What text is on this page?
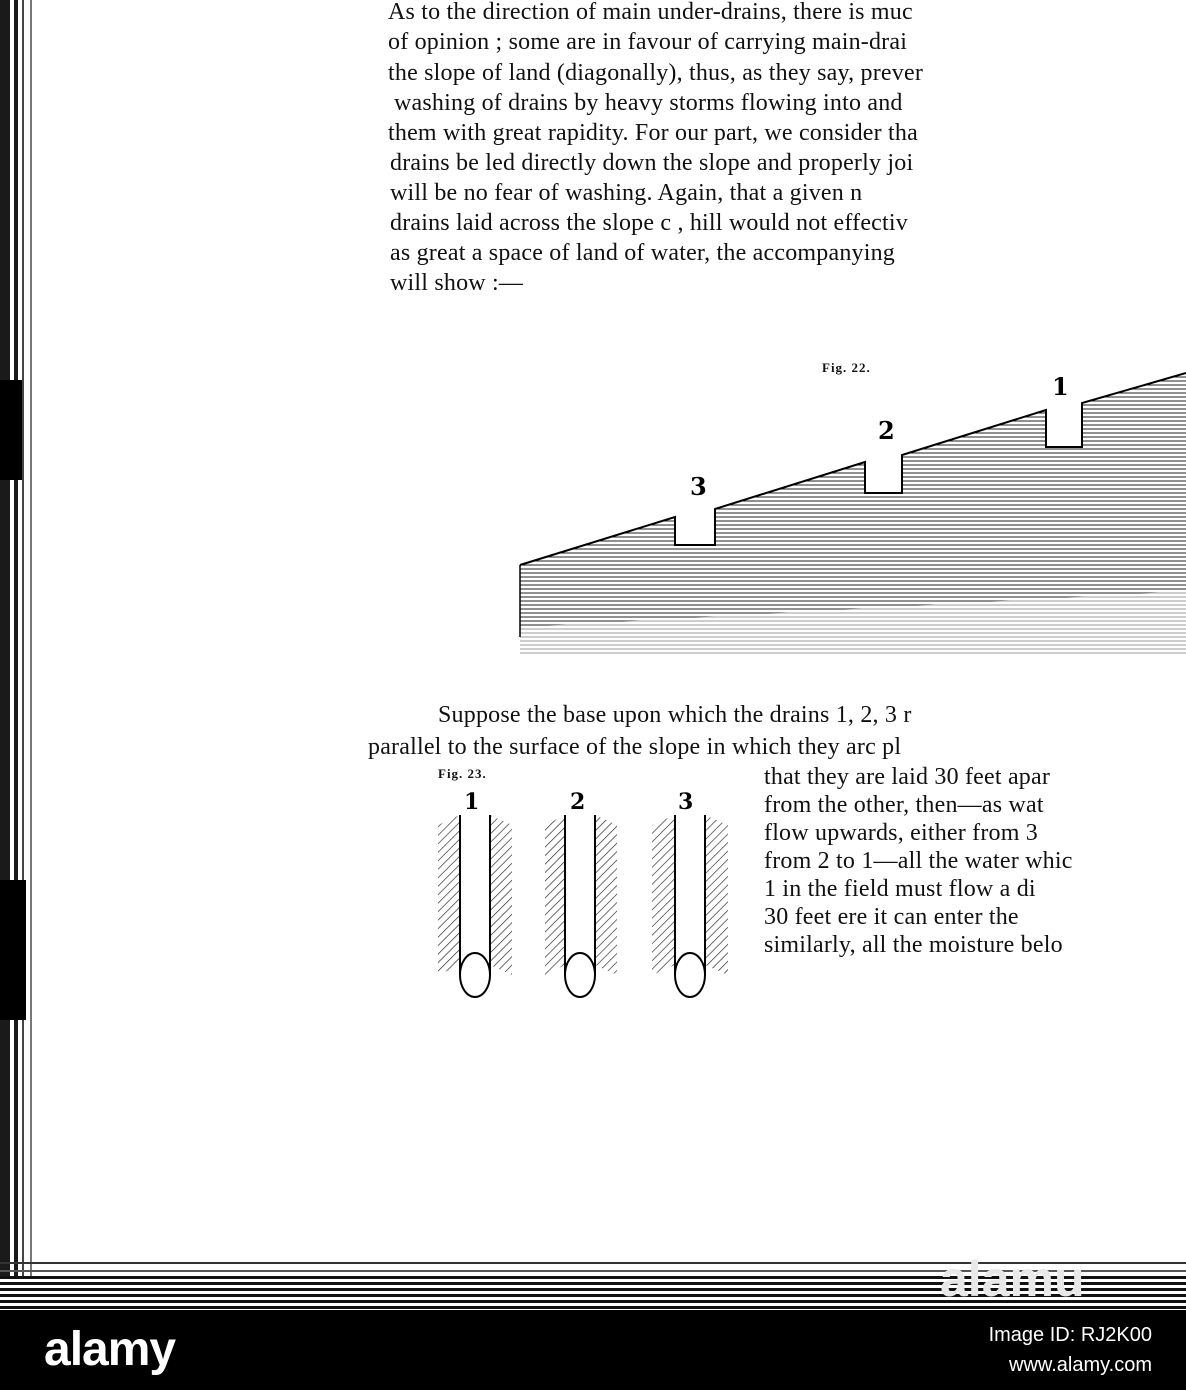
As to the direction of main under-drains, there is muc

of opinion ; some are in favour of carrying main-drai

the slope of land (diagonally), thus, as they say, prever

washing of drains by heavy storms flowing into and

them with great rapidity. For our part, we consider tha

drains be led directly down the slope and properly joi

will be no fear of washing. Again, that a given n

drains laid across the slope c , hill would not effectiv

as great a space of land of water, the accompanying

will show :—

Fig. 22.
3
2
1

Suppose the base upon which the drains 1, 2, 3 r

parallel to the surface of the slope in which they arc pl

that they are laid 30 feet apar

from the other, then—as wat

flow upwards, either from 3

from 2 to 1—all the water whic

1 in the field must flow a di

30 feet ere it can enter the

similarly, all the moisture belo

Fig. 23.
1	2	3
alamu
alamy	Image ID: RJ2K00
www.alamy.com
